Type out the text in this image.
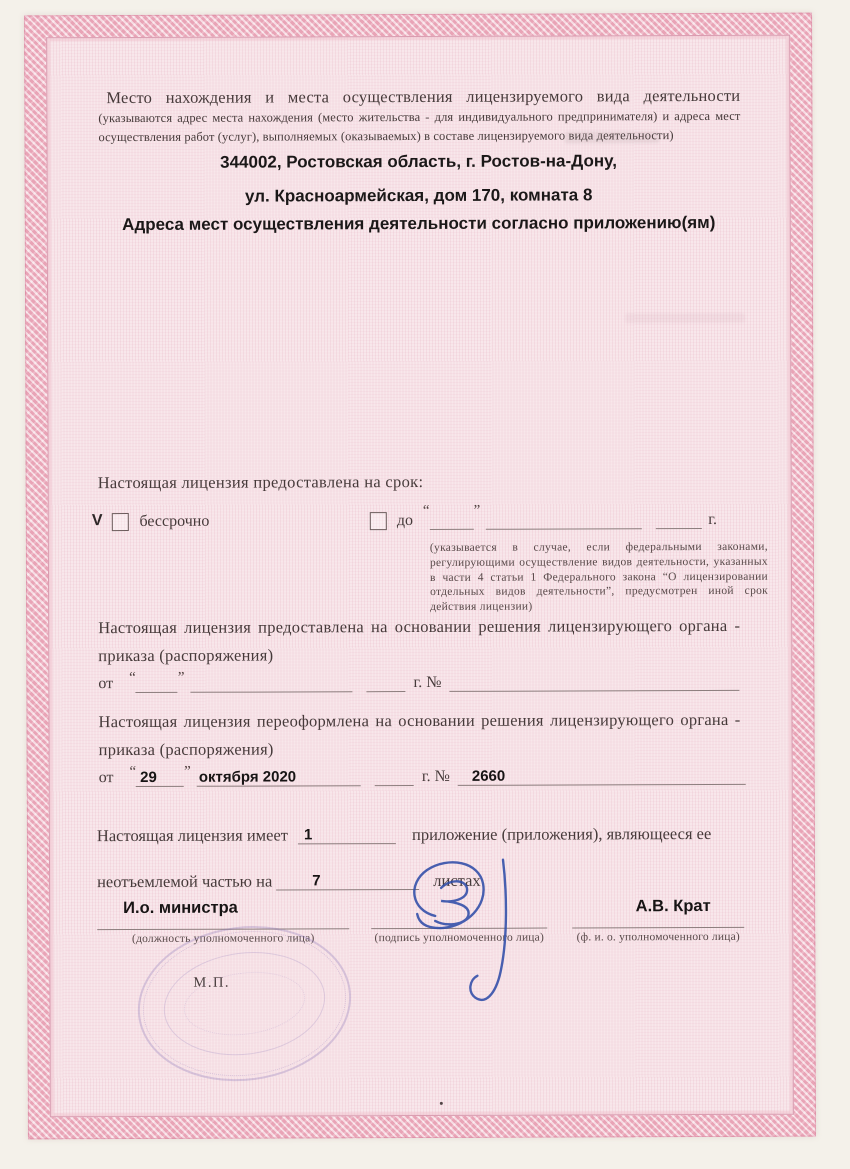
Место нахождения и места осуществления лицензируемого вида деятельности (указываются адрес места нахождения (место жительства - для индивидуального предпринимателя) и адреса мест осуществления работ (услуг), выполняемых (оказываемых) в составе лицензируемого вида деятельности)
344002, Ростовская область, г. Ростов-на-Дону,
ул. Красноармейская, дом 170, комната 8
Адреса мест осуществления деятельности согласно приложению(ям)
Настоящая лицензия предоставлена на срок:
V бессрочно	до
“	”
г.
(указывается в случае, если федеральными законами, регулирующими осуществление видов деятельности, указанных в части 4 статьи 1 Федерального закона “О лицензировании отдельных видов деятельности”, предусмотрен иной срок действия лицензии)
Настоящая лицензия предоставлена на основании решения лицензирующего органа -
приказа (распоряжения)
от “	”	г. №
Настоящая лицензия переоформлена на основании решения лицензирующего органа -
приказа (распоряжения)
от “ 29 ” октября 2020	г. № 2660
Настоящая лицензия имеет 1	приложение (приложения), являющееся ее
неотъемлемой частью на	7	листах
И.о. министра
(должность уполномоченного лица)	(подпись уполномоченного лица)
А.В. Крат
(ф. и. о. уполномоченного лица)
М.П.
